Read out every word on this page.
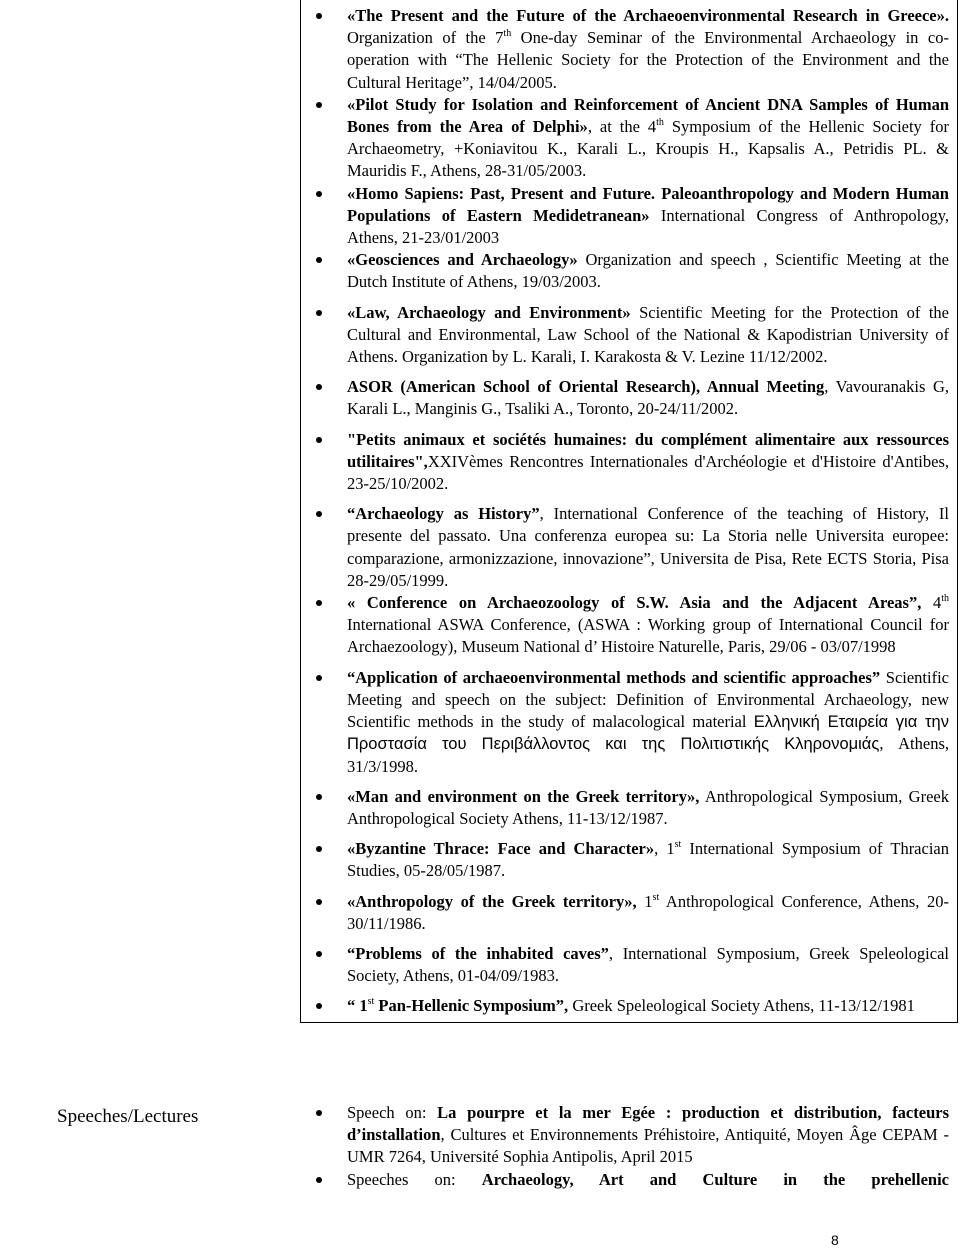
«The Present and the Future of the Archaeoenvironmental Research in Greece». Organization of the 7th One-day Seminar of the Environmental Archaeology in co-operation with “The Hellenic Society for the Protection of the Environment and the Cultural Heritage”, 14/04/2005.
«Pilot Study for Isolation and Reinforcement of Ancient DNA Samples of Human Bones from the Area of Delphi», at the 4th Symposium of the Hellenic Society for Archaeometry, +Koniavitou K., Karali L., Kroupis H., Kapsalis A., Petridis PL. & Mauridis F., Athens, 28-31/05/2003.
«Homo Sapiens: Past, Present and Future. Paleoanthropology and Modern Human Populations of Eastern Medidetranean» International Congress of Anthropology, Athens, 21-23/01/2003
«Geosciences and Archaeology» Organization and speech , Scientific Meeting at the Dutch Institute of Athens, 19/03/2003.
«Law, Archaeology and Environment» Scientific Meeting for the Protection of the Cultural and Environmental, Law School of the National & Kapodistrian University of Athens. Organization by L. Karali, I. Karakosta & V. Lezine 11/12/2002.
ASOR (American School of Oriental Research), Annual Meeting, Vavouranakis G, Karali L., Manginis G., Tsaliki A., Toronto, 20-24/11/2002.
"Petits animaux et sociétés humaines: du complément alimentaire aux ressources utilitaires",XXIVèmes Rencontres Internationales d'Archéologie et d'Histoire d'Antibes, 23-25/10/2002.
“Archaeology as History”, International Conference of the teaching of History, Il presente del passato. Una conferenza europea su: La Storia nelle Universita europee: comparazione, armonizzazione, innovazione”, Universita de Pisa, Rete ECTS Storia, Pisa 28-29/05/1999.
« Conference on Archaeozoology of S.W. Asia and the Adjacent Areas”, 4th International ASWA Conference, (ASWA : Working group of International Council for Archaezoology), Museum National d’ Histoire Naturelle, Paris, 29/06 - 03/07/1998
“Application of archaeoenvironmental methods and scientific approaches” Scientific Meeting and speech on the subject: Definition of Environmental Archaeology, new Scientific methods in the study of malacological material Ελληνική Εταιρεία για την Προστασία του Περιβάλλοντος και της Πολιτιστικής Κληρονομιάς, Athens, 31/3/1998.
«Man and environment on the Greek territory», Anthropological Symposium, Greek Anthropological Society Athens, 11-13/12/1987.
«Byzantine Thrace: Face and Character», 1st International Symposium of Thracian Studies, 05-28/05/1987.
«Anthropology of the Greek territory», 1st Anthropological Conference, Athens, 20-30/11/1986.
“Problems of the inhabited caves”, International Symposium, Greek Speleological Society, Athens, 01-04/09/1983.
“ 1st Pan-Hellenic Symposium”, Greek Speleological Society Athens, 11-13/12/1981
Speeches/Lectures	Speech on: La pourpre et la mer Egée : production et distribution, facteurs d’installation, Cultures et Environnements Préhistoire, Antiquité, Moyen Âge CEPAM - UMR 7264, Université Sophia Antipolis, April 2015
Speeches on: Archaeology, Art and Culture in the prehellenic
8
